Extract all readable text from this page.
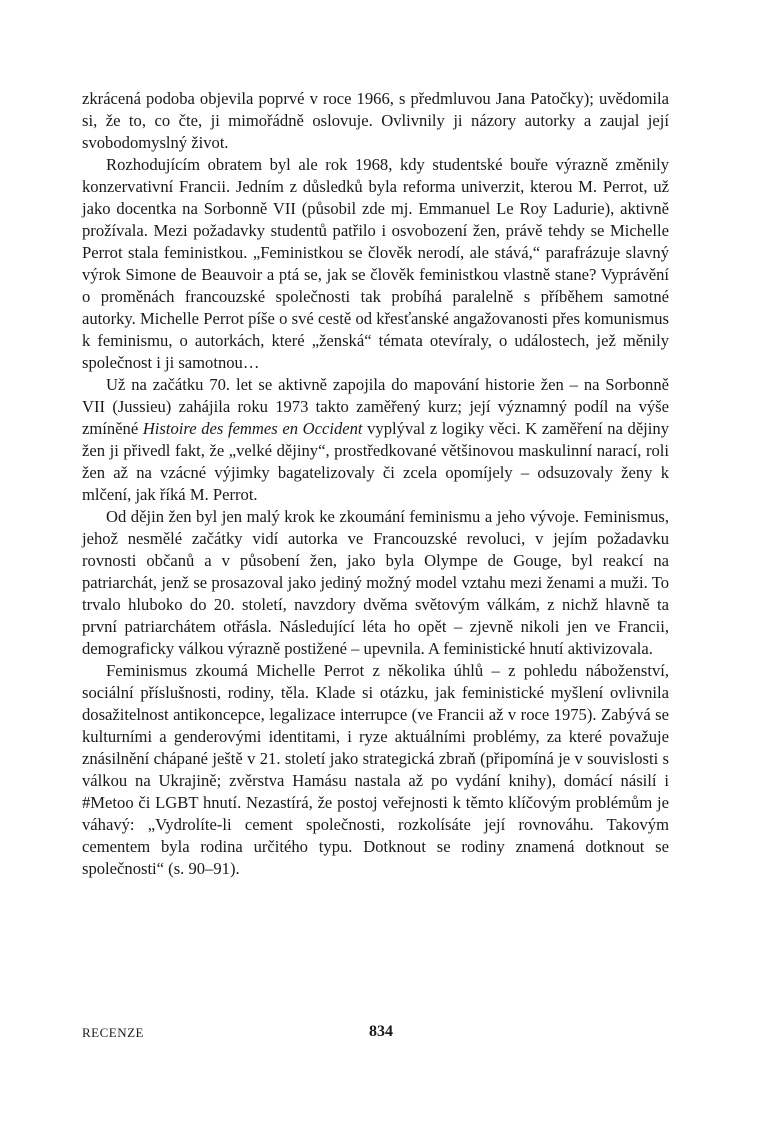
zkrácená podoba objevila poprvé v roce 1966, s předmluvou Jana Patočky); uvědomila si, že to, co čte, ji mimořádně oslovuje. Ovlivnily ji názory autorky a zaujal její svobodomyslný život.

Rozhodujícím obratem byl ale rok 1968, kdy studentské bouře výrazně změnily konzervativní Francii. Jedním z důsledků byla reforma univerzit, kterou M. Perrot, už jako docentka na Sorbonně VII (působil zde mj. Emmanuel Le Roy Ladurie), aktivně prožívala. Mezi požadavky studentů patřilo i osvobození žen, právě tehdy se Michelle Perrot stala feministkou. „Feministkou se člověk nerodí, ale stává,“ parafrázuje slavný výrok Simone de Beauvoir a ptá se, jak se člověk feministkou vlastně stane? Vyprávění o proměnách francouzské společnosti tak probíhá paralelně s příběhem samotné autorky. Michelle Perrot píše o své cestě od křesťanské angažovanosti přes komunismus k feminismu, o autorkách, které „ženská“ témata otevíraly, o událostech, jež měnily společnost i ji samotnou…

Už na začátku 70. let se aktivně zapojila do mapování historie žen – na Sorbonně VII (Jussieu) zahájila roku 1973 takto zaměřený kurz; její významný podíl na výše zmíněné Histoire des femmes en Occident vyplýval z logiky věci. K zaměření na dějiny žen ji přivedl fakt, že „velké dějiny“, prostředkované většinovou maskulinní narací, roli žen až na vzácné výjimky bagatelizovaly či zcela opomíjely – odsuzovaly ženy k mlčení, jak říká M. Perrot.

Od dějin žen byl jen malý krok ke zkoumání feminismu a jeho vývoje. Feminismus, jehož nesmělé začátky vidí autorka ve Francouzské revoluci, v jejím požadavku rovnosti občanů a v působení žen, jako byla Olympe de Gouge, byl reakcí na patriarchát, jenž se prosazoval jako jediný možný model vztahu mezi ženami a muži. To trvalo hluboko do 20. století, navzdory dvěma světovým válkám, z nichž hlavně ta první patriarchátem otřásla. Následující léta ho opět – zjevně nikoli jen ve Francii, demograficky válkou výrazně postižené – upevnila. A feministické hnutí aktivizovala.

Feminismus zkoumá Michelle Perrot z několika úhlů – z pohledu náboženství, sociální příslušnosti, rodiny, těla. Klade si otázku, jak feministické myšlení ovlivnila dosažitelnost antikoncepce, legalizace interrupce (ve Francii až v roce 1975). Zabývá se kulturními a genderovými identitami, i ryze aktuálními problémy, za které považuje znásilnění chápané ještě v 21. století jako strategická zbraň (připomíná je v souvislosti s válkou na Ukrajině; zvěrstva Hamásu nastala až po vydání knihy), domácí násilí i #Metoo či LGBT hnutí. Nezastírá, že postoj veřejnosti k těmto klíčovým problémům je váhavý: „Vydrolíte-li cement společnosti, rozkolísáte její rovnováhu. Takovým cementem byla rodina určitého typu. Dotknout se rodiny znamená dotknout se společnosti“ (s. 90–91).

RECENZE	834
